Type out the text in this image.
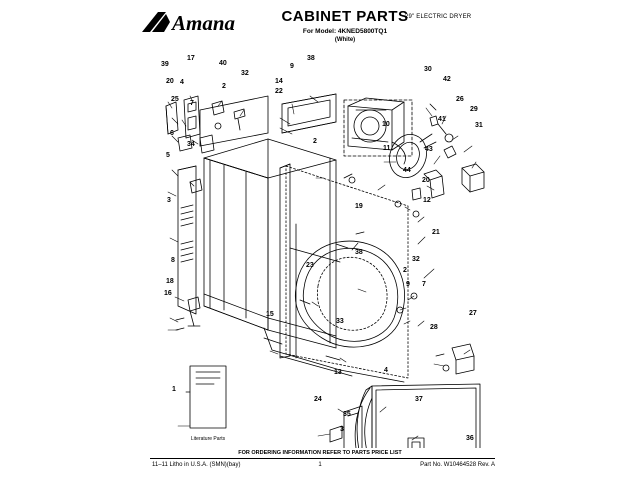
Amana	CABINET PARTS
For Model: 4KNED5800TQ1
(White)
29" ELECTRIC DRYER
Literature Parts
39
17
40
32
9
38
30
42
20 4
2
14
22
26
29
25
7
10
41
31
6
2
11	43
5
34
44
20
3
19
12
21
38
23
8
18
16
32
2
9 7
15
33
27
28
13
1
4
24
35
37
3
36
FOR ORDERING INFORMATION REFER TO PARTS PRICE LIST
11–11 Litho in U.S.A. (SMN)(bay)	1	Part No. W10464528 Rev. A
